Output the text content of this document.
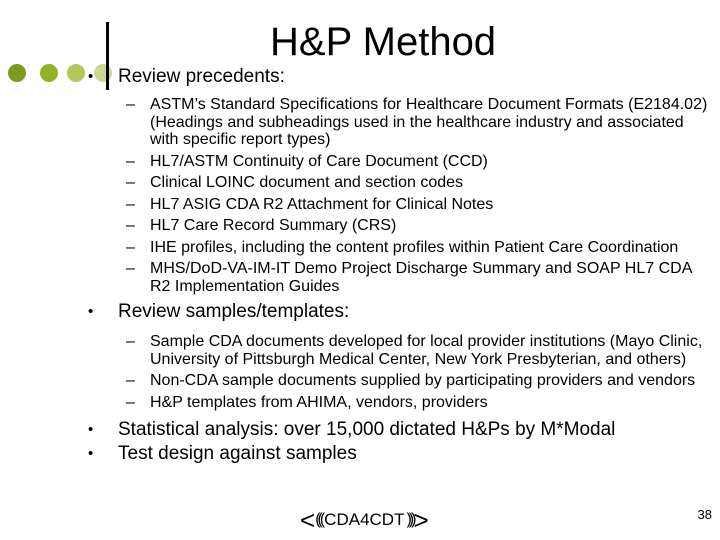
H&P Method
•	Review precedents:
– ASTM’s Standard Specifications for Healthcare Document Formats (E2184.02) (Headings and subheadings used in the healthcare industry and associated with specific report types)
– HL7/ASTM Continuity of Care Document (CCD)
– Clinical LOINC document and section codes
– HL7 ASIG CDA R2 Attachment for Clinical Notes
– HL7 Care Record Summary (CRS)
– IHE profiles, including the content profiles within Patient Care Coordination
– MHS/DoD-VA-IM-IT Demo Project Discharge Summary and SOAP HL7 CDA R2 Implementation Guides
•	Review samples/templates:
– Sample CDA documents developed for local provider institutions (Mayo Clinic, University of Pittsburgh Medical Center, New York Presbyterian, and others)
– Non-CDA sample documents supplied by participating providers and vendors
– H&P templates from AHIMA, vendors, providers
•	Statistical analysis: over 15,000 dictated H&Ps by M*Modal
•	Test design against samples
< ((( CDA4CDT ))) >	38
